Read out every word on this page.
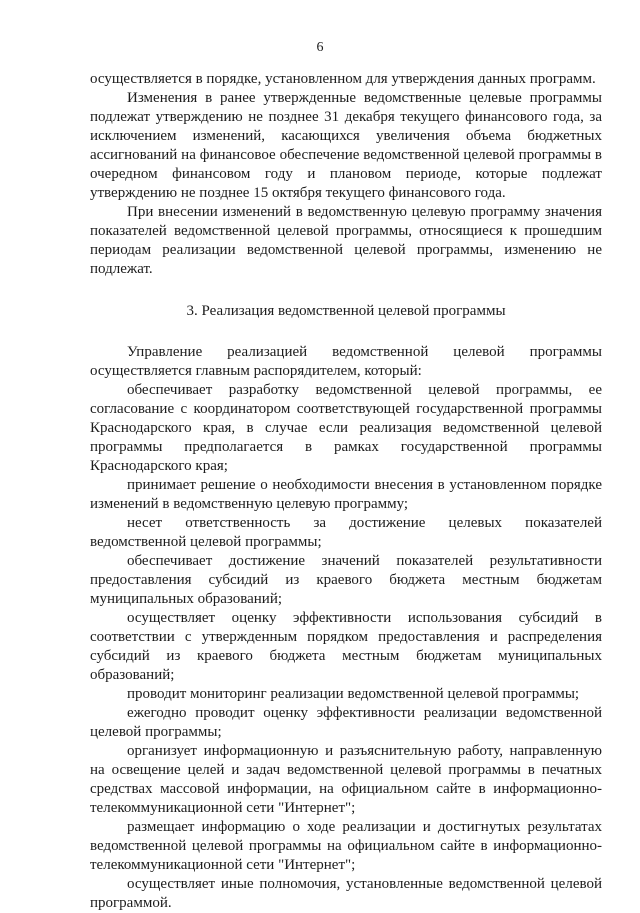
6

осуществляется в порядке, установленном для утверждения данных программ.

Изменения в ранее утвержденные ведомственные целевые программы подлежат утверждению не позднее 31 декабря текущего финансового года, за исключением изменений, касающихся увеличения объема бюджетных ассигнований на финансовое обеспечение ведомственной целевой программы в очередном финансовом году и плановом периоде, которые подлежат утверждению не позднее 15 октября текущего финансового года.

При внесении изменений в ведомственную целевую программу значения показателей ведомственной целевой программы, относящиеся к прошедшим периодам реализации ведомственной целевой программы, изменению не подлежат.

3. Реализация ведомственной целевой программы

Управление реализацией ведомственной целевой программы осуществляется главным распорядителем, который:

обеспечивает разработку ведомственной целевой программы, ее согласование с координатором соответствующей государственной программы Краснодарского края, в случае если реализация ведомственной целевой программы предполагается в рамках государственной программы Краснодарского края;

принимает решение о необходимости внесения в установленном порядке изменений в ведомственную целевую программу;

несет ответственность за достижение целевых показателей ведомственной целевой программы;

обеспечивает достижение значений показателей результативности предоставления субсидий из краевого бюджета местным бюджетам муниципальных образований;

осуществляет оценку эффективности использования субсидий в соответствии с утвержденным порядком предоставления и распределения субсидий из краевого бюджета местным бюджетам муниципальных образований;

проводит мониторинг реализации ведомственной целевой программы;

ежегодно проводит оценку эффективности реализации ведомственной целевой программы;

организует информационную и разъяснительную работу, направленную на освещение целей и задач ведомственной целевой программы в печатных средствах массовой информации, на официальном сайте в информационно-телекоммуникационной сети "Интернет";

размещает информацию о ходе реализации и достигнутых результатах ведомственной целевой программы на официальном сайте в информационно-телекоммуникационной сети "Интернет";

осуществляет иные полномочия, установленные ведомственной целевой программой.
